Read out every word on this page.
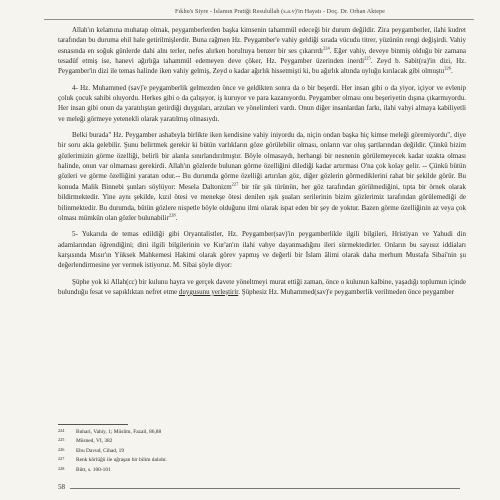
Fıkhu's Siyre - İslamın Pratiği Resulullah (s.a.v)'in Hayatı - Doç. Dr. Orhan Aktepe

Allah'ın kelamına muhatap olmak, peygamberlerden başka kimsenin tahammül edeceği bir durum değildir. Zira peygamberler, ilahi kudret tarafından bu duruma ehil hale getirilmişlerdir. Buna rağmen Hz. Peygamber'e vahiy geldiği sırada vücudu titrer, yüzünün rengi değişirdi. Vahiy esnasında en soğuk günlerde dahi alnı terler, nefes alırken horultuya benzer bir ses çıkarırdı$^{224}$. Eğer vahiy, deveye binmiş olduğu bir zamana tesadüf etmiş ise, hanevi ağırlığa tahammül edemeyen deve çöker, Hz. Peygamber üzerinden inerdi$^{225}$. Zeyd b. Sabit(ra)'in dizi, Hz. Peygamber'in dizi ile temas halinde iken vahiy gelmiş, Zeyd o kadar ağırlık hissetmişti ki, bu ağırlık altında uyluğu kırılacak gibi olmuştu$^{226}$.

4- Hz. Muhammed (sav)'e peygamberlik gelmezden önce ve geldikten sonra da o bir beşerdi. Her insan gibi o da yiyor, içiyor ve evlenip çoluk çocuk sahibi oluyordu. Herkes gibi o da çalışıyor, iş kuruyor ve para kazanıyordu. Peygamber olması onu beşeriyetin dışına çıkarmıyordu. Her insan gibi onun da yaratılıştan getirdiği duyguları, arzuları ve yönelimleri vardı. Onun diğer insanlardan farkı, ilahi vahyi almaya kabiliyetli ve meleği görmeye yetenekli olarak yaratılmış olmasıydı.

Belki burada" Hz. Peygamber ashabıyla birlikte iken kendisine vahiy iniyordu da, niçin ondan başka hiç kimse meleği göremiyordu", diye bir soru akla gelebilir. Şunu belirtmek gerekir ki bütün varlıkların göze görülebilir olması, onların var oluş şartlarından değildir. Çünkü bizim gözlerimizin görme özelliği, belirli bir alanla sınırlandırılmıştır. Böyle olmasaydı, herhangi bir nesnenin görülemeyecek kadar uzakta olması halinde, onun var olmaması gerekirdi. Allah'ın gözlerde bulunan görme özelliğini dilediği kadar artırması O'na çok kolay gelir. -- Çünkü bütün gözleri ve görme özelliğini yaratan odur.-- Bu durumda görme özelliği artırılan göz, diğer gözlerin görmediklerini rahat bir şekilde görür. Bu konuda Malik Binnebi şunları söylüyor: Mesela Daltonizm$^{227}$ bir tür şık türünün, her göz tarafından görülmediğini, tıpta bir örnek olarak bildirmektedir. Yine aynı şekilde, kızıl ötesi ve menekşe ötesi denilen ışık şuaları serilerinin bizim gözlerimiz tarafından görülemediği de bilinmektedir. Bu durumda, bütün gözlere nispetle böyle olduğunu ilmi olarak ispat eden bir şey de yoktur. Bazen görme özelliğinin az veya çok olması mümkün olan gözler bulunabilir$^{228}$.

5- Yukarıda de temas edildiği gibi Oryantalistler, Hz. Peygamber(sav)'in peygamberlikle ilgili bilgileri, Hristiyan ve Yahudi din adamlarından öğrendiğini; dini ilgili bilgilerinin ve Kur'an'ın ilahi vahye dayanmadığını ileri sürmektedirler. Onların bu sayısız iddiaları karşısında Mısır'ın Yüksek Mahkemesi Hakimi olarak görev yapmış ve değerli bir İslam âlimi olarak daha merhum Mustafa Sibai'nin şu değerlendirmesine yer vermek istiyoruz. M. Sibai şöyle diyor:

Şüphe yok ki Allah(cc) bir kulunu hayra ve gerçek davete yöneltmeyi murat ettiği zaman, önce o kulunun kalbine, yaşadığı toplumun içinde bulunduğu fesat ve sapıklıktan nefret etme duygusunu yerleştirir. Şüphesiz Hz. Muhammed(sav)'e peygamberlik verilmeden önce peygamber

224 Buhari, Vahiy, 1; Müslim, Fazail, 86,88
225 Müsned, VI, 382
226 Ebu Davud, Cihad, 19
227 Renk körlüğü ile uğraşan bir bilim dalıdır.
228 Bütt, s. 100-101
58
